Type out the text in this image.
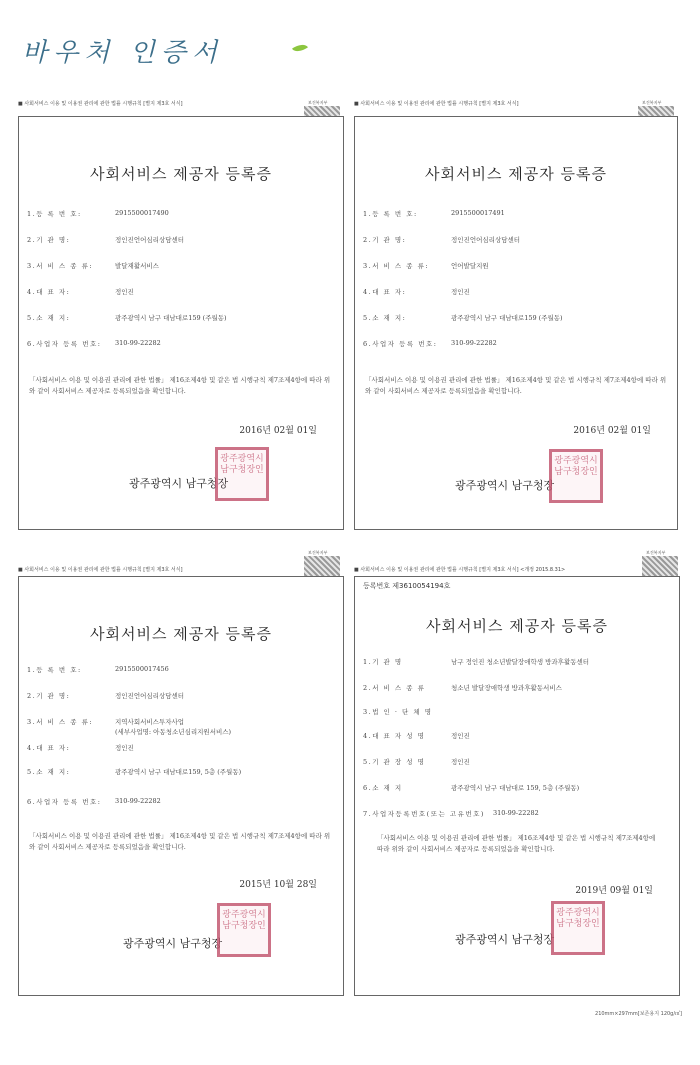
바우처 인증서
■ 사회서비스 이용 및 이용권 관리에 관한 법률 시행규칙 [별지 제3호 서식]	보건복지부
사회서비스 제공자 등록증
1.등 록 번 호:	2915500017490
2.기 관 명:	정인진언어심리상담센터
3.서 비 스 종 류:	발달재활서비스
4.대 표 자:	정인진
5.소 재 지:	광주광역시 남구 대남대로159 (주월동)
6.사업자 등록 번호: 310-99-22282
「사회서비스 이용 및 이용권 관리에 관한 법률」 제16조제4항 및 같은 법 시행규칙 제7조제4항에 따라 위와 같이 사회서비스 제공자로 등록되었음을 확인합니다.
2016년 02월 01일
광주광역시 남구청장
광주광역시남구청장인
■ 사회서비스 이용 및 이용권 관리에 관한 법률 시행규칙 [별지 제3호 서식]	보건복지부
사회서비스 제공자 등록증
1.등 록 번 호:	2915500017491
2.기 관 명:	정인진언어심리상담센터
3.서 비 스 종 류:	언어발달지원
4.대 표 자:	정인진
5.소 재 지:	광주광역시 남구 대남대로159 (주월동)
6.사업자 등록 번호: 310-99-22282
「사회서비스 이용 및 이용권 관리에 관한 법률」 제16조제4항 및 같은 법 시행규칙 제7조제4항에 따라 위와 같이 사회서비스 제공자로 등록되었음을 확인합니다.
2016년 02월 01일
광주광역시 남구청장
광주광역시남구청장인
■ 사회서비스 이용 및 이용권 관리에 관한 법률 시행규칙 [별지 제3호 서식]
보건복지부
사회서비스 제공자 등록증
1.등 록 번 호:	2915500017456
2.기 관 명:	정인진언어심리상담센터
3.서 비 스 종 류:	지역사회서비스투자사업
(세부사업명: 아동청소년심리지원서비스)
4.대 표 자:	정인진
5.소 재 지:	광주광역시 남구 대남대로159, 5층 (주월동)
6.사업자 등록 번호: 310-99-22282
「사회서비스 이용 및 이용권 관리에 관한 법률」 제16조제4항 및 같은 법 시행규칙 제7조제4항에 따라 위와 같이 사회서비스 제공자로 등록되었음을 확인합니다.
2015년 10월 28일
광주광역시 남구청장
광주광역시남구청장인
■ 사회서비스 이용 및 이용권 관리에 관한 법률 시행규칙 [별지 제3호 서식] <개정 2015.8.31>
보건복지부
등록번호 제3610054194호
사회서비스 제공자 등록증
1.기 관 명	남구 정인진 청소년발달장애학생 방과후활동센터
2.서 비 스 종 류	청소년 발달장애학생 방과후활동서비스
3.법 인 · 단 체 명
4.대 표 자 성 명	정인진
5.기 관 장 성 명	정인진
6.소 재 지	광주광역시 남구 대남대로 159, 5층 (주월동)
7.사업자등록번호(또는 고유번호) 310-99-22282
「사회서비스 이용 및 이용권 관리에 관한 법률」 제16조제4항 및 같은 법 시행규칙 제7조제4항에 따라 위와 같이 사회서비스 제공자로 등록되었음을 확인합니다.
2019년 09월 01일
광주광역시 남구청장
광주광역시남구청장인
210mm×297mm[보존용지 120g/㎡]
